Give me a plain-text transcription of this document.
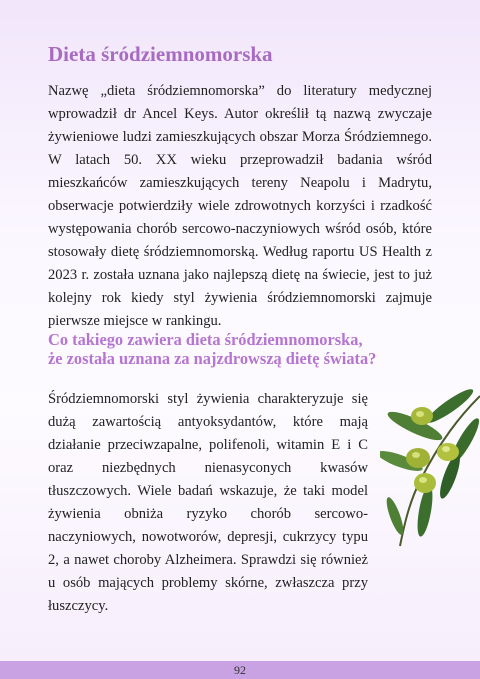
Dieta śródziemnomorska

Nazwę „dieta śródziemnomorska” do literatury medycznej wprowadził dr Ancel Keys. Autor określił tą nazwą zwyczaje żywieniowe ludzi zamieszkujących obszar Morza Śródziemnego. W latach 50. XX wieku przeprowadził badania wśród mieszkańców zamieszkujących tereny Neapolu i Madrytu, obserwacje potwierdziły wiele zdrowotnych korzyści i rzadkość występowania chorób sercowo-naczyniowych wśród osób, które stosowały dietę śródziemnomorską. Według raportu US Health z 2023 r. została uznana jako najlepszą dietę na świecie, jest to już kolejny rok kiedy styl żywienia śródziemnomorski zajmuje pierwsze miejsce w rankingu.

Co takiego zawiera dieta śródziemnomorska,
że została uznana za najzdrowszą dietę świata?

Śródziemnomorski styl żywienia charakteryzuje się dużą zawartością antyoksydantów, które mają działanie przeciwzapalne, polifenoli, witamin E i C oraz niezbędnych nienasyconych kwasów tłuszczowych. Wiele badań wskazuje, że taki model żywienia obniża ryzyko chorób sercowo-naczyniowych, nowotworów, depresji, cukrzycy typu 2, a nawet choroby Alzheimera. Sprawdzi się również u osób mających problemy skórne, zwłaszcza przy łuszczycy.

92
